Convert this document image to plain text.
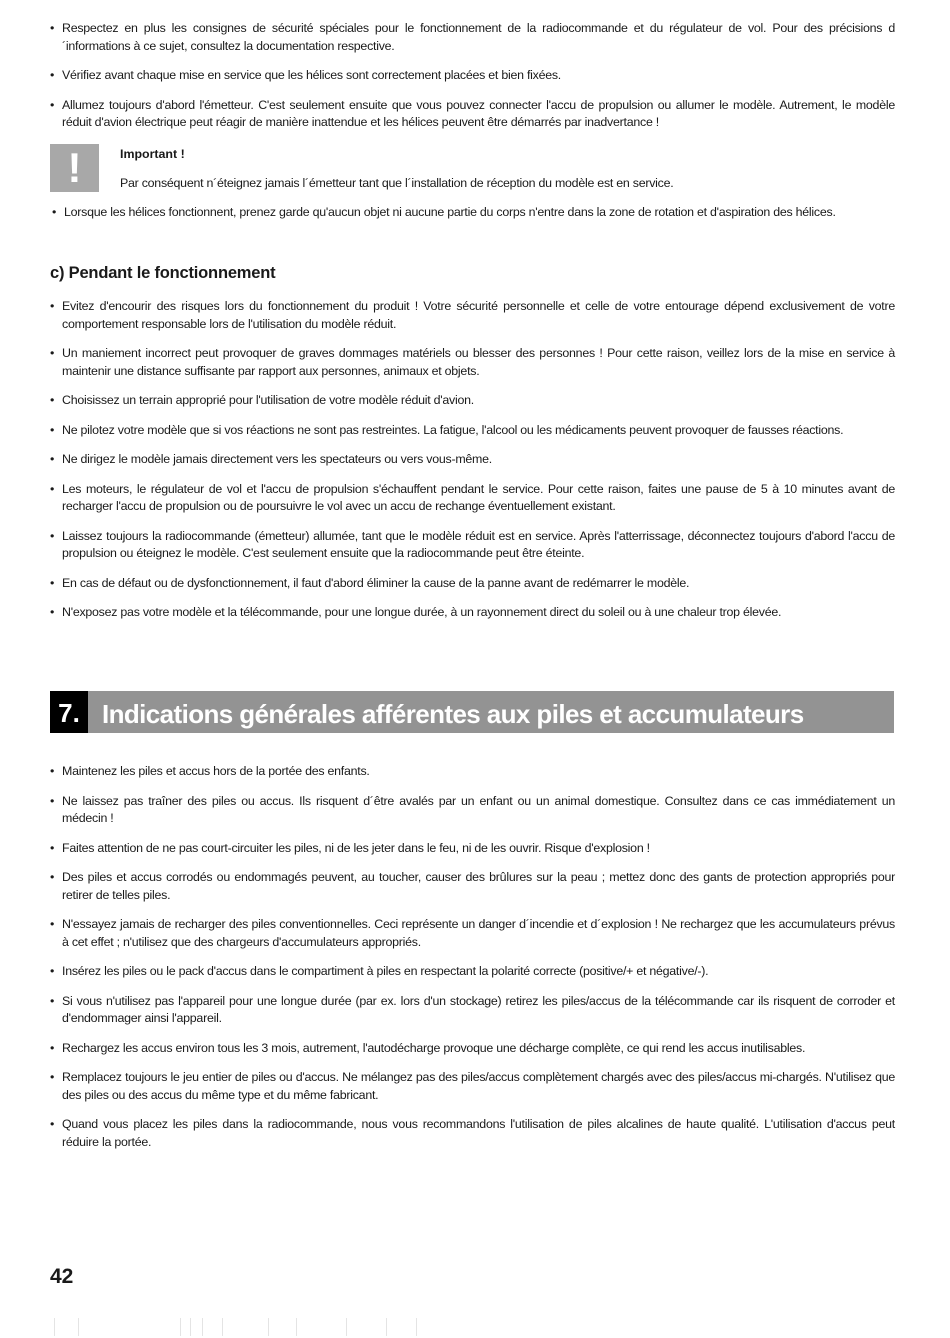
• Respectez en plus les consignes de sécurité spéciales pour le fonctionnement de la radiocommande et du régulateur de vol. Pour des précisions d´informations à ce sujet, consultez la documentation respective.
• Vérifiez avant chaque mise en service que les hélices sont correctement placées et bien fixées.
• Allumez toujours d'abord l'émetteur. C'est seulement ensuite que vous pouvez connecter l'accu de propulsion ou allumer le modèle. Autrement, le modèle réduit d'avion électrique peut réagir de manière inattendue et les hélices peuvent être démarrés par inadvertance !
!	Important !
Par conséquent n´éteignez jamais l´émetteur tant que l´installation de réception du modèle est en service.
• Lorsque les hélices fonctionnent, prenez garde qu'aucun objet ni aucune partie du corps n'entre dans la zone de rotation et d'aspiration des hélices.
c) Pendant le fonctionnement
• Evitez d'encourir des risques lors du fonctionnement du produit ! Votre sécurité personnelle et celle de votre entourage dépend exclusivement de votre comportement responsable lors de l'utilisation du modèle réduit.
• Un maniement incorrect peut provoquer de graves dommages matériels ou blesser des personnes ! Pour cette raison, veillez lors de la mise en service à maintenir une distance suffisante par rapport aux personnes, animaux et objets.
• Choisissez un terrain approprié pour l'utilisation de votre modèle réduit d'avion.
• Ne pilotez votre modèle que si vos réactions ne sont pas restreintes. La fatigue, l'alcool ou les médicaments peuvent provoquer de fausses réactions.
• Ne dirigez le modèle jamais directement vers les spectateurs ou vers vous-même.
• Les moteurs, le régulateur de vol et l'accu de propulsion s'échauffent pendant le service. Pour cette raison, faites une pause de 5 à 10 minutes avant de recharger l'accu de propulsion ou de poursuivre le vol avec un accu de rechange éventuellement existant.
• Laissez toujours la radiocommande (émetteur) allumée, tant que le modèle réduit est en service. Après l'atterrissage, déconnectez toujours d'abord l'accu de propulsion ou éteignez le modèle. C'est seulement ensuite que la radiocommande peut être éteinte.
• En cas de défaut ou de dysfonctionnement, il faut d'abord éliminer la cause de la panne avant de redémarrer le modèle.
• N'exposez pas votre modèle et la télécommande, pour une longue durée, à un rayonnement direct du soleil ou à une chaleur trop élevée.
7. Indications générales afférentes aux piles et accumulateurs
• Maintenez les piles et accus hors de la portée des enfants.
• Ne laissez pas traîner des piles ou accus. Ils risquent d´être avalés par un enfant ou un animal domestique. Consultez dans ce cas immédiatement un médecin !
• Faites attention de ne pas court-circuiter les piles, ni de les jeter dans le feu, ni de les ouvrir. Risque d'explosion !
• Des piles et accus corrodés ou endommagés peuvent, au toucher, causer des brûlures sur la peau ; mettez donc des gants de protection appropriés pour retirer de telles piles.
• N'essayez jamais de recharger des piles conventionnelles. Ceci représente un danger d´incendie et d´explosion ! Ne rechargez que les accumulateurs prévus à cet effet ; n'utilisez que des chargeurs d'accumulateurs appropriés.
• Insérez les piles ou le pack d'accus dans le compartiment à piles en respectant la polarité correcte (positive/+ et négative/-).
• Si vous n'utilisez pas l'appareil pour une longue durée (par ex. lors d'un stockage) retirez les piles/accus de la télécommande car ils risquent de corroder et d'endommager ainsi l'appareil.
• Rechargez les accus environ tous les 3 mois, autrement, l'autodécharge provoque une décharge complète, ce qui rend les accus inutilisables.
• Remplacez toujours le jeu entier de piles ou d'accus. Ne mélangez pas des piles/accus complètement chargés avec des piles/accus mi-chargés. N'utilisez que des piles ou des accus du même type et du même fabricant.
• Quand vous placez les piles dans la radiocommande, nous vous recommandons l'utilisation de piles alcalines de haute qualité. L'utilisation d'accus peut réduire la portée.
42
